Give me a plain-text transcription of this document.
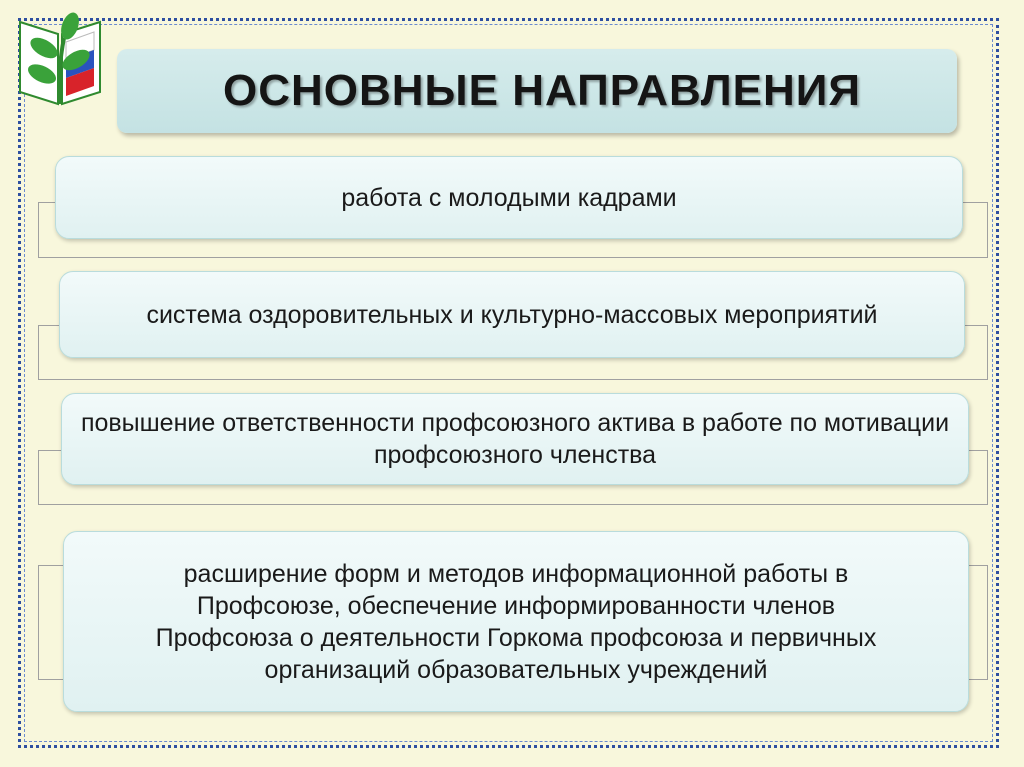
ОСНОВНЫЕ НАПРАВЛЕНИЯ
работа с молодыми кадрами
система оздоровительных и культурно-массовых мероприятий
повышение ответственности профсоюзного актива в работе по мотивации профсоюзного членства
расширение форм и методов информационной работы в Профсоюзе, обеспечение информированности членов Профсоюза о деятельности Горкома профсоюза и первичных организаций образовательных учреждений
